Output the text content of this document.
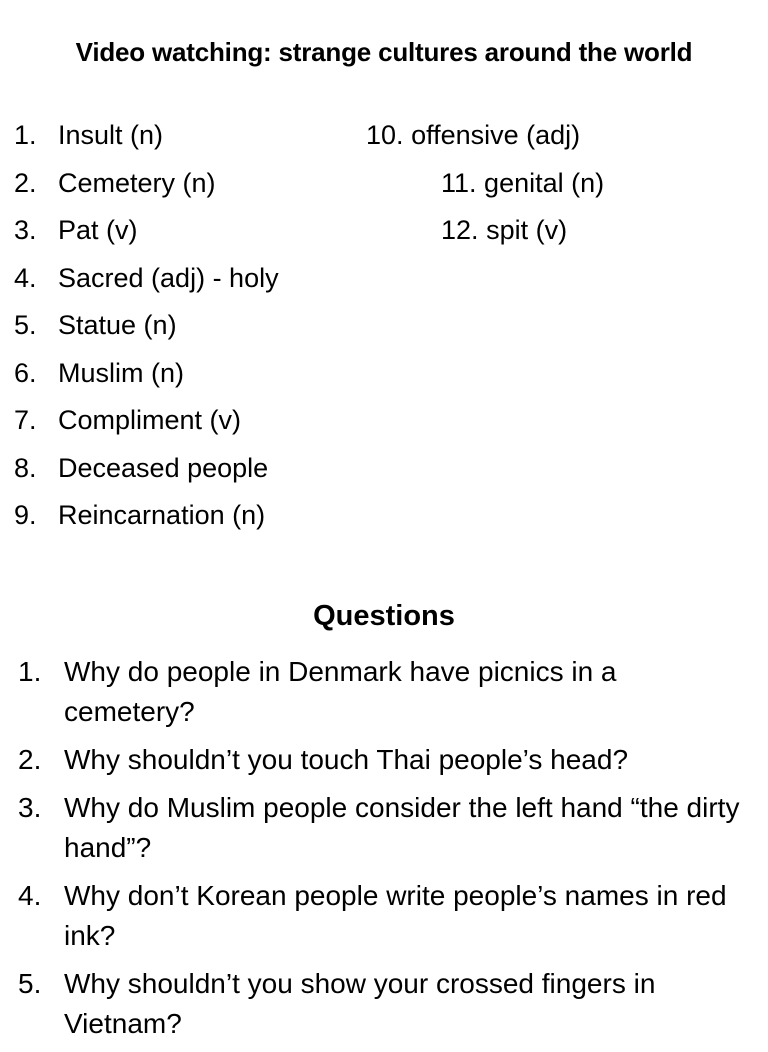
Video watching: strange cultures around the world
1. Insult (n)
2. Cemetery (n)
3. Pat (v)
4. Sacred (adj) - holy
5. Statue (n)
6. Muslim (n)
7. Compliment (v)
8. Deceased people
9. Reincarnation (n)
10. offensive (adj)
11. genital (n)
12. spit (v)
Questions
1. Why do people in Denmark have picnics in a cemetery?
2. Why shouldn’t you touch Thai people’s head?
3. Why do Muslim people consider the left hand “the dirty hand”?
4. Why don’t Korean people write people’s names in red ink?
5. Why shouldn’t you show your crossed fingers in Vietnam?
